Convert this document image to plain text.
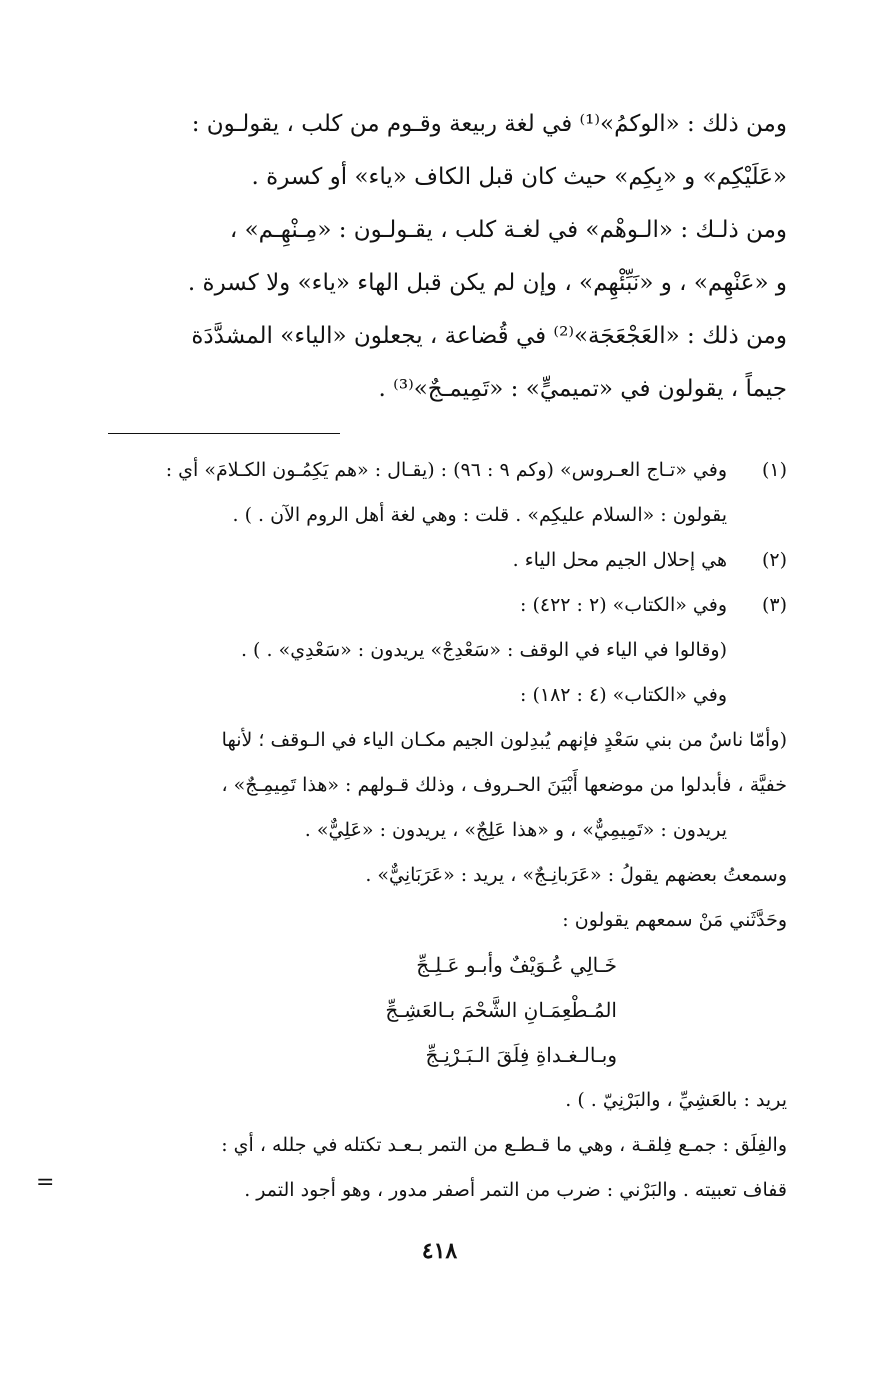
ومن ذلك : «الوكمُ»⁽¹⁾ في لغة ربيعة وقـوم من كلب ، يقولـون :

«عَلَيْكِم» و «بِكِم» حيث كان قبل الكاف «ياء» أو كسرة .

ومن ذلـك : «الـوهْم» في لغـة كلب ، يقـولـون : «مِـنْهِـم» ،

و «عَنْهِم» ، و «نَبِّئْهِم» ، وإن لم يكن قبل الهاء «ياء» ولا كسرة .

ومن ذلك : «العَجْعَجَة»⁽²⁾ في قُضاعة ، يجعلون «الياء» المشدَّدَة

جيماً ، يقولون في «تميميٍّ» : «تَمِيمـجٌ»⁽³⁾ .

(١)
وفي «تـاج العـروس» (وكم ٩ : ٩٦) : (يقـال : «هم يَكِمُـون الكـلامَ» أي :
يقولون : «السلام عليكِم» . قلت : وهي لغة أهل الروم الآن . ) .
(٢)
هي إحلال الجيم محل الياء .
(٣)
وفي «الكتاب» (٢ : ٤٢٢) :
(وقالوا في الياء في الوقف : «سَعْدِجْ» يريدون : «سَعْدِي» . ) .
وفي «الكتاب» (٤ : ١٨٢) :
(وأمّا ناسٌ من بني سَعْدٍ فإنهم يُبدِلون الجيم مكـان الياء في الـوقف ؛ لأنها
خفيَّة ، فأبدلوا من موضعها أَبْيَنَ الحـروف ، وذلك قـولهم : «هذا تَمِيمِـجٌ» ،
يريدون : «تَمِيمِيٌّ» ، و «هذا عَلِجٌ» ، يريدون : «عَلِيٌّ» .
وسمعتُ بعضهم يقولُ : «عَرَبانِـجٌ» ، يريد : «عَرَبَانِيٌّ» .
وحَدَّثَني مَنْ سمعهم يقولون :
خَـالِي عُـوَيْفٌ وأبـو عَـلِـجِّ
المُـطْعِمَـانِ الشَّحْمَ بـالعَشِـجِّ
وبـالـغـداةِ فِلَقَ الـبَـرْنِـجِّ
يريد : بالعَشِيِّ ، والبَرْنِيّ . ) .
والفِلَق : جمـع فِلقـة ، وهي ما قـطـع من التمر بـعـد تكتله في جلله ، أي :
قفاف تعبيته . والبَرْني : ضرب من التمر أصفر مدور ، وهو أجود التمر .
=
٤١٨
